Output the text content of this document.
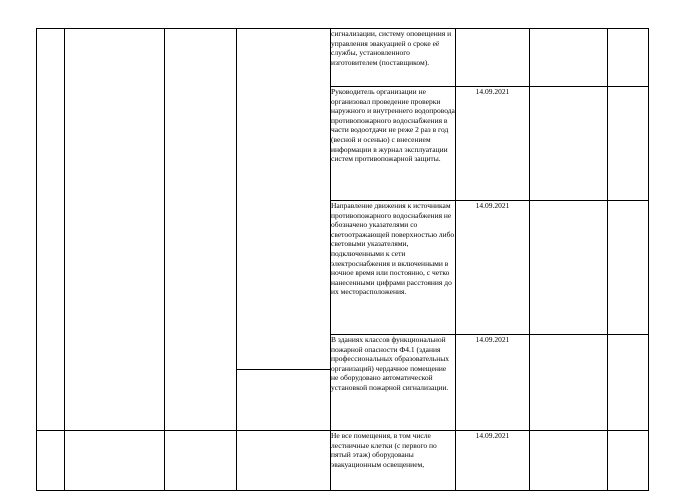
				сигнализации, систему оповещения и управления эвакуацией о сроке её службы, установленного изготовителем (поставщиком).			

				Руководитель организации не организовал проведение проверки наружного и внутреннего водопровода противопожарного водоснабжения в части водоотдачи не реже 2 раз в год (весной и осенью) с внесением информации в журнал эксплуатации систем противопожарной защиты.	14.09.2021		

				Направление движения к источникам противопожарного водоснабжения не обозначено указателями со светоотражающей поверхностью либо световыми указателями, подключенными к сети электроснабжения и включенными в ночное время или постоянно, с четко нанесенными цифрами расстояния до их месторасположения.	14.09.2021		

				В зданиях классов функциональной пожарной опасности Ф4.1 (здания профессиональных образовательных организаций) чердачное помещение не оборудовано автоматической установкой пожарной сигнализации.	14.09.2021		

				Не все помещения, в том числе лестничные клетки (с первого по пятый этаж) оборудованы эвакуационным освещением,	14.09.2021		
